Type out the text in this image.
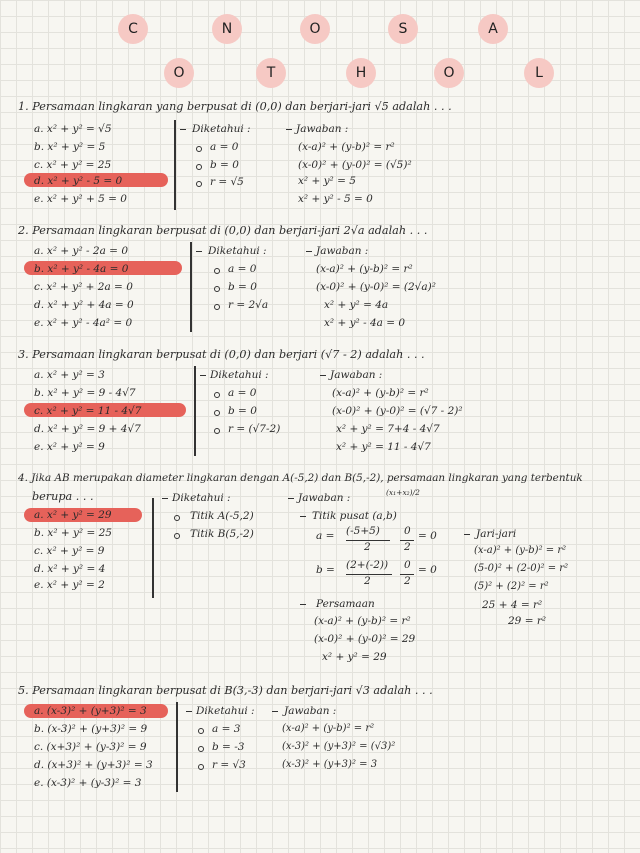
C	N	O	S	A
O	T	H	O	L
1. Persamaan lingkaran yang berpusat di (0,0) dan berjari-jari √5 adalah . . .
a. x² + y² = √5
b. x² + y² = 5
c. x² + y² = 25
d. x² + y² - 5 = 0
e. x² + y² + 5 = 0
Diketahui :
a = 0
b = 0
r = √5
Jawaban :
(x-a)² + (y-b)² = r²
(x-0)² + (y-0)² = (√5)²
x² + y² = 5
x² + y² - 5 = 0
2. Persamaan lingkaran berpusat di (0,0) dan berjari-jari 2√a adalah . . .
a. x² + y² - 2a = 0
b. x² + y² - 4a = 0
c. x² + y² + 2a = 0
d. x² + y² + 4a = 0
e. x² + y² - 4a² = 0
Diketahui :
a = 0
b = 0
r = 2√a
Jawaban :
(x-a)² + (y-b)² = r²
(x-0)² + (y-0)² = (2√a)²
x² + y² = 4a
x² + y² - 4a = 0
3. Persamaan lingkaran berpusat di (0,0) dan berjari (√7 - 2) adalah . . .
a. x² + y² = 3
b. x² + y² = 9 - 4√7
c. x² + y² = 11 - 4√7
d. x² + y² = 9 + 4√7
e. x² + y² = 9
Diketahui :
a = 0
b = 0
r = (√7-2)
Jawaban :
(x-a)² + (y-b)² = r²
(x-0)² + (y-0)² = (√7 - 2)²
x² + y² = 7+4 - 4√7
x² + y² = 11 - 4√7
4. Jika AB merupakan diameter lingkaran dengan A(-5,2) dan B(5,-2), persamaan lingkaran yang terbentuk
berupa . . .
a. x² + y² = 29
b. x² + y² = 25
c. x² + y² = 9
d. x² + y² = 4
e. x² + y² = 2
Diketahui :
Titik A(-5,2)
Titik B(5,-2)
Jawaban :	(x₁+x₂)/2
Titik pusat (a,b)
a = (-5+5)
2
0
2
= 0
b = (2+(-2))
2
0
2
= 0
Persamaan
(x-a)² + (y-b)² = r²
(x-0)² + (y-0)² = 29
x² + y² = 29
Jari-jari
(x-a)² + (y-b)² = r²
(5-0)² + (2-0)² = r²
(5)² + (2)² = r²
25 + 4 = r²
29 = r²
5. Persamaan lingkaran berpusat di B(3,-3) dan berjari-jari √3 adalah . . .
a. (x-3)² + (y+3)² = 3
b. (x-3)² + (y+3)² = 9
c. (x+3)² + (y-3)² = 9
d. (x+3)² + (y+3)² = 3
e. (x-3)² + (y-3)² = 3
Diketahui :
a = 3
b = -3
r = √3
Jawaban :
(x-a)² + (y-b)² = r²
(x-3)² + (y+3)² = (√3)²
(x-3)² + (y+3)² = 3
